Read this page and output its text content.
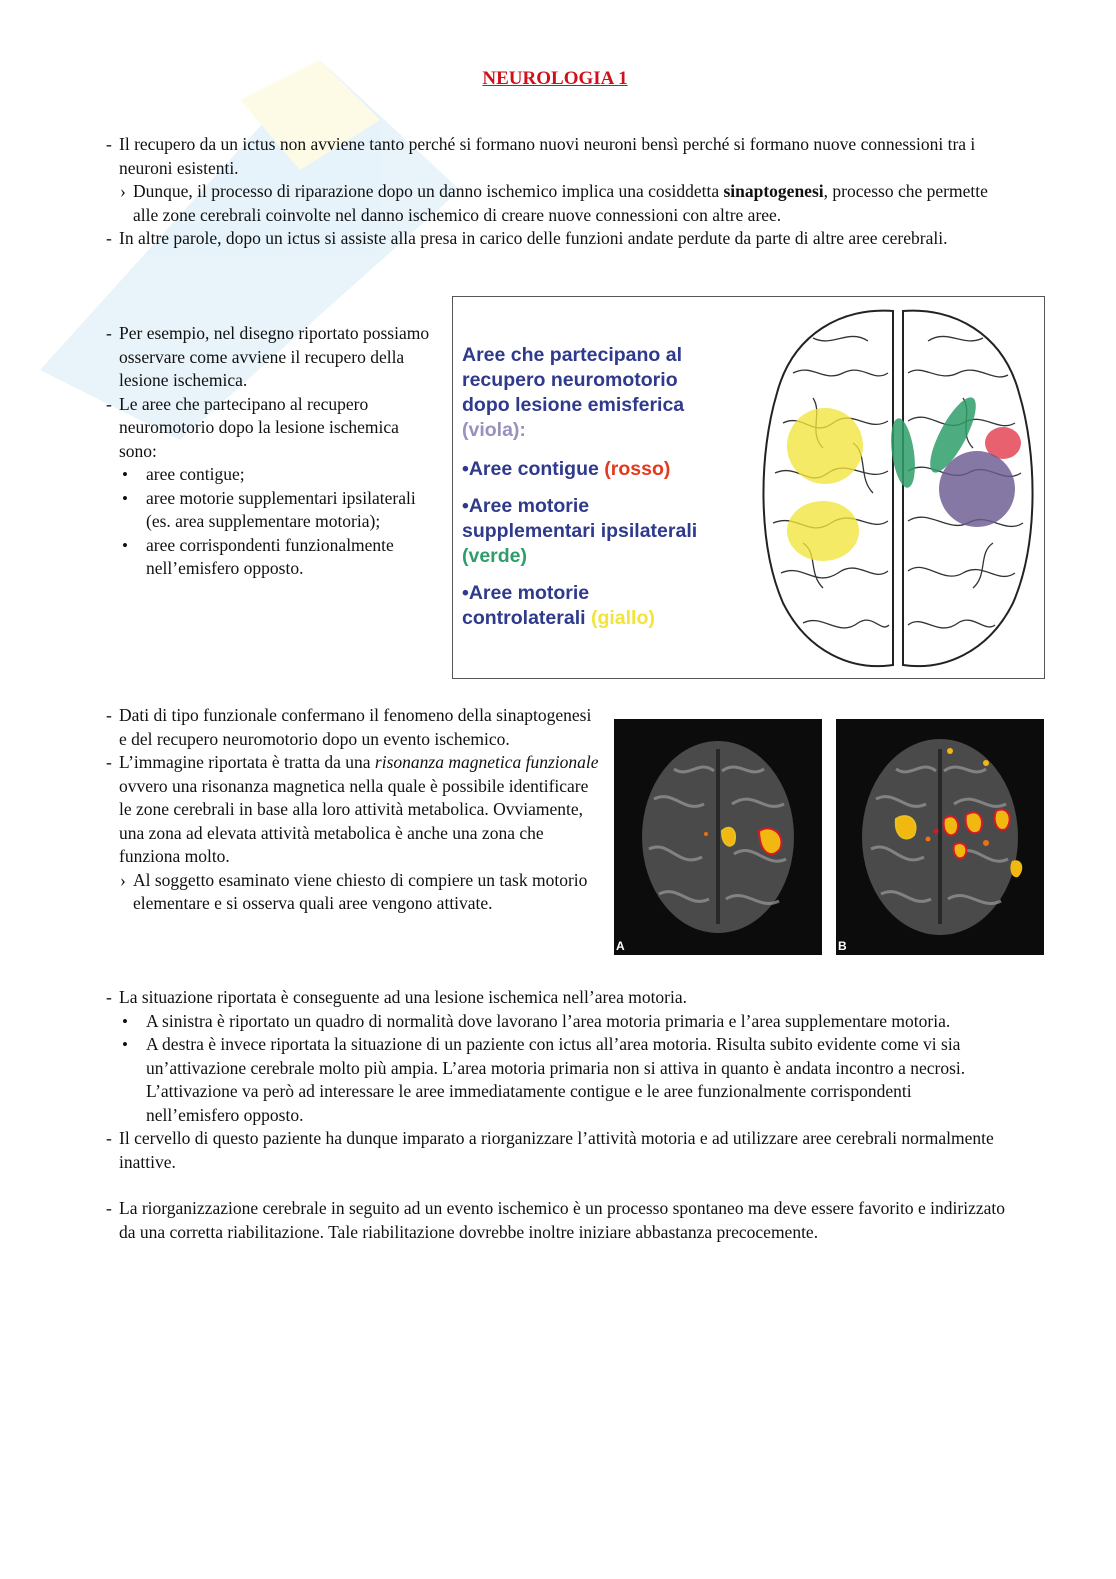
NEUROLOGIA 1
- Il recupero da un ictus non avviene tanto perché si formano nuovi neuroni bensì perché si formano nuove connessioni tra i neuroni esistenti.
› Dunque, il processo di riparazione dopo un danno ischemico implica una cosiddetta sinaptogenesi, processo che permette alle zone cerebrali coinvolte nel danno ischemico di creare nuove connessioni con altre aree.
- In altre parole, dopo un ictus si assiste alla presa in carico delle funzioni andate perdute da parte di altre aree cerebrali.
- Per esempio, nel disegno riportato possiamo osservare come avviene il recupero della lesione ischemica.
- Le aree che partecipano al recupero neuromotorio dopo la lesione ischemica sono:
• aree contigue;
• aree motorie supplementari ipsilaterali (es. area supplementare motoria);
• aree corrispondenti funzionalmente nell’emisfero opposto.
Aree che partecipano al
recupero neuromotorio
dopo lesione emisferica
(viola):
•Aree contigue (rosso)
•Aree motorie
supplementari ipsilaterali
(verde)
•Aree motorie
controlaterali (giallo)
- Dati di tipo funzionale confermano il fenomeno della sinaptogenesi e del recupero neuromotorio dopo un evento ischemico.
- L’immagine riportata è tratta da una risonanza magnetica funzionale ovvero una risonanza magnetica nella quale è possibile identificare le zone cerebrali in base alla loro attività metabolica. Ovviamente, una zona ad elevata attività metabolica è anche una zona che funziona molto.
› Al soggetto esaminato viene chiesto di compiere un task motorio elementare e si osserva quali aree vengono attivate.
A	B
- La situazione riportata è conseguente ad una lesione ischemica nell’area motoria.
• A sinistra è riportato un quadro di normalità dove lavorano l’area motoria primaria e l’area supplementare motoria.
• A destra è invece riportata la situazione di un paziente con ictus all’area motoria. Risulta subito evidente come vi sia un’attivazione cerebrale molto più ampia. L’area motoria primaria non si attiva in quanto è andata incontro a necrosi. L’attivazione va però ad interessare le aree immediatamente contigue e le aree funzionalmente corrispondenti nell’emisfero opposto.
- Il cervello di questo paziente ha dunque imparato a riorganizzare l’attività motoria e ad utilizzare aree cerebrali normalmente inattive.
- La riorganizzazione cerebrale in seguito ad un evento ischemico è un processo spontaneo ma deve essere favorito e indirizzato da una corretta riabilitazione. Tale riabilitazione dovrebbe inoltre iniziare abbastanza precocemente.
